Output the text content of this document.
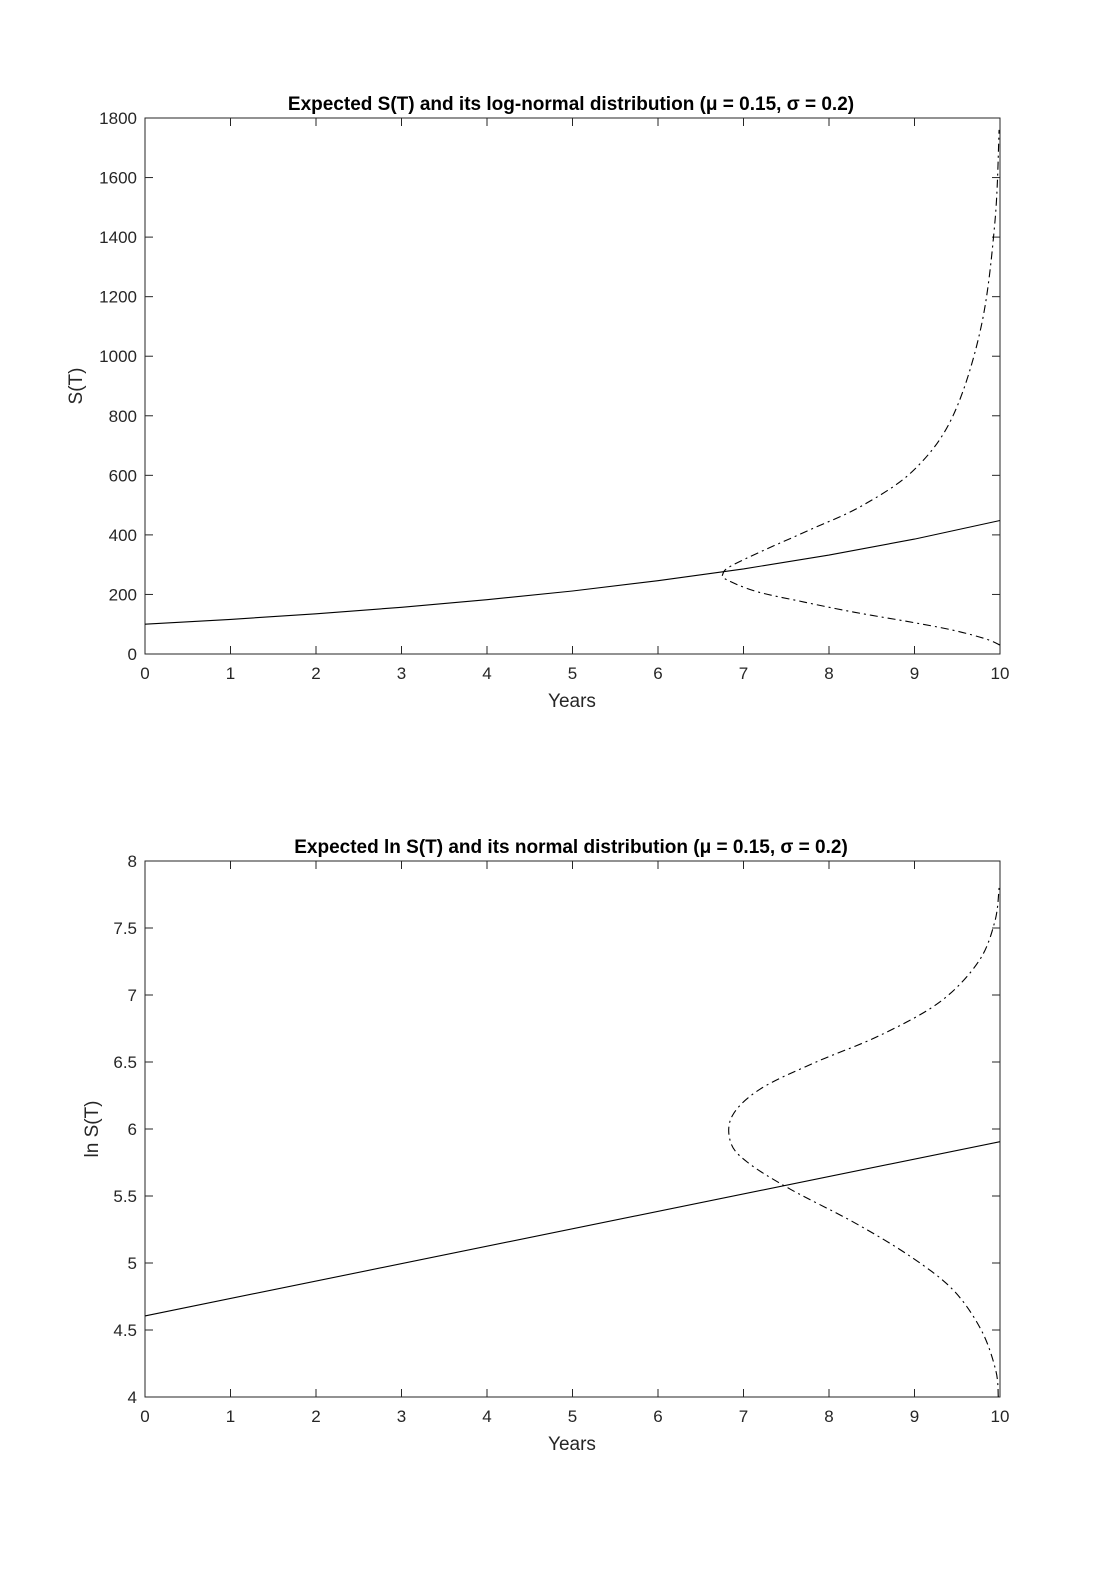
Expected S(T) and its log-normal distribution (μ = 0.15, σ = 0.2)
0	1	2	3	4	5	6	7	8	9	10
0
200
400
600
800
1000
1200
1400
1600
1800
Years
S(T)
Expected ln S(T) and its normal distribution (μ = 0.15, σ = 0.2)
0	1	2	3	4	5	6	7	8	9	10
4
4.5
5
5.5
6
6.5
7
7.5
8
Years
ln S(T)
